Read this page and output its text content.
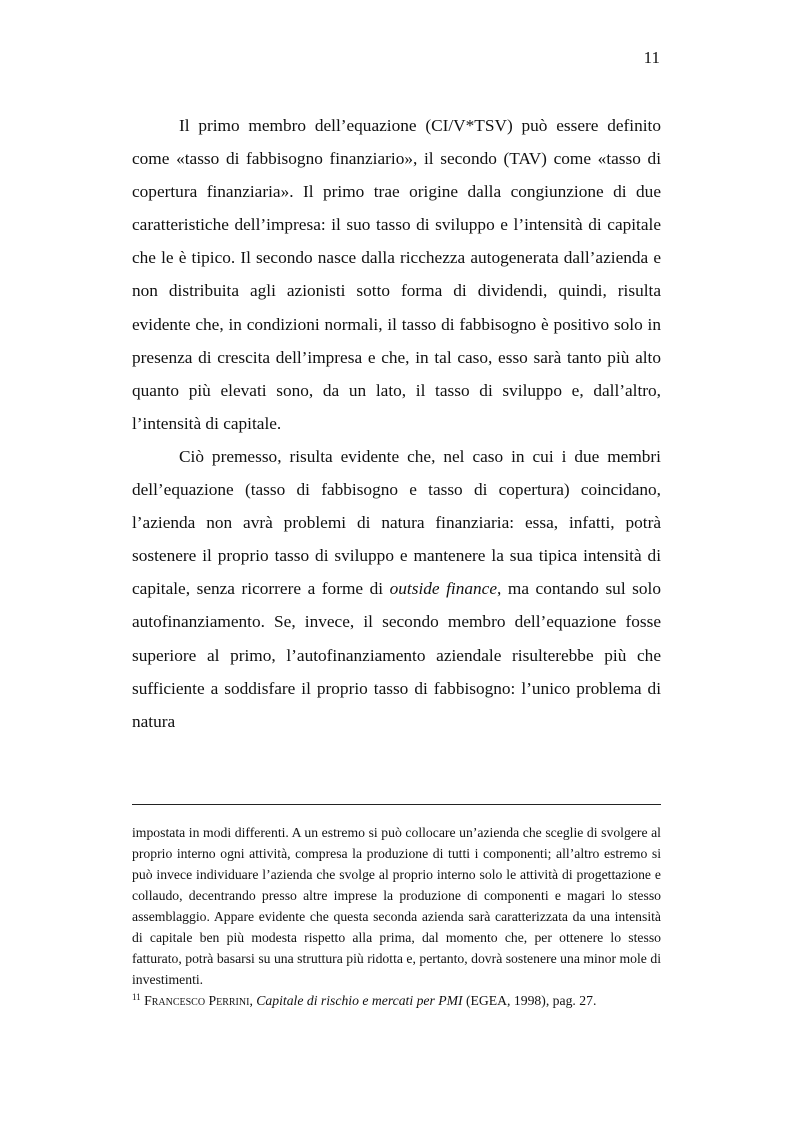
11

Il primo membro dell’equazione (CI/V*TSV) può essere definito come «tasso di fabbisogno finanziario», il secondo (TAV) come «tasso di copertura finanziaria». Il primo trae origine dalla congiunzione di due caratteristiche dell’impresa: il suo tasso di sviluppo e l’intensità di capitale che le è tipico. Il secondo nasce dalla ricchezza autogenerata dall’azienda e non distribuita agli azionisti sotto forma di dividendi, quindi, risulta evidente che, in condizioni normali, il tasso di fabbisogno è positivo solo in presenza di crescita dell’impresa e che, in tal caso, esso sarà tanto più alto quanto più elevati sono, da un lato, il tasso di sviluppo e, dall’altro, l’intensità di capitale.

Ciò premesso, risulta evidente che, nel caso in cui i due membri dell’equazione (tasso di fabbisogno e tasso di copertura) coincidano, l’azienda non avrà problemi di natura finanziaria: essa, infatti, potrà sostenere il proprio tasso di sviluppo e mantenere la sua tipica intensità di capitale, senza ricorrere a forme di outside finance, ma contando sul solo autofinanziamento. Se, invece, il secondo membro dell’equazione fosse superiore al primo, l’autofinanziamento aziendale risulterebbe più che sufficiente a soddisfare il proprio tasso di fabbisogno: l’unico problema di natura

impostata in modi differenti. A un estremo si può collocare un’azienda che sceglie di svolgere al proprio interno ogni attività, compresa la produzione di tutti i componenti; all’altro estremo si può invece individuare l’azienda che svolge al proprio interno solo le attività di progettazione e collaudo, decentrando presso altre imprese la produzione di componenti e magari lo stesso assemblaggio. Appare evidente che questa seconda azienda sarà caratterizzata da una intensità di capitale ben più modesta rispetto alla prima, dal momento che, per ottenere lo stesso fatturato, potrà basarsi su una struttura più ridotta e, pertanto, dovrà sostenere una minor mole di investimenti.

$^{11}$ Francesco Perrini, Capitale di rischio e mercati per PMI (EGEA, 1998), pag. 27.
